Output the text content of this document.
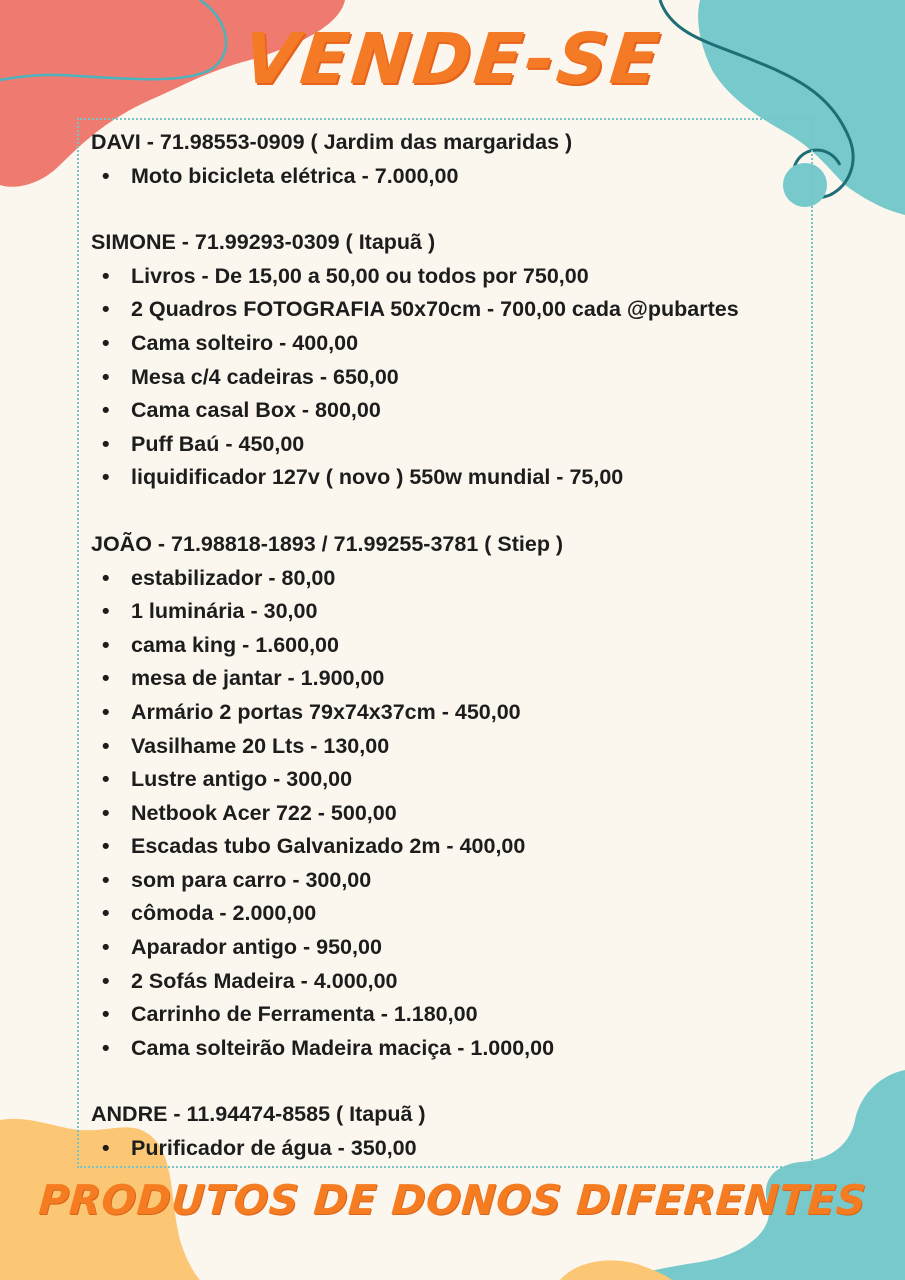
VENDE-SE
DAVI - 71.98553-0909 ( Jardim das margaridas )
• Moto bicicleta elétrica - 7.000,00
SIMONE - 71.99293-0309 ( Itapuã )
• Livros - De 15,00 a 50,00 ou todos por 750,00
• 2 Quadros FOTOGRAFIA 50x70cm - 700,00 cada @pubartes
• Cama solteiro - 400,00
• Mesa c/4 cadeiras - 650,00
• Cama casal Box - 800,00
• Puff Baú - 450,00
• liquidificador 127v ( novo ) 550w mundial - 75,00
JOÃO - 71.98818-1893 / 71.99255-3781 ( Stiep )
• estabilizador - 80,00
• 1 luminária - 30,00
• cama king - 1.600,00
• mesa de jantar - 1.900,00
• Armário 2 portas 79x74x37cm - 450,00
• Vasilhame 20 Lts - 130,00
• Lustre antigo - 300,00
• Netbook Acer 722 - 500,00
• Escadas tubo Galvanizado 2m - 400,00
• som para carro - 300,00
• cômoda - 2.000,00
• Aparador antigo - 950,00
• 2 Sofás Madeira - 4.000,00
• Carrinho de Ferramenta - 1.180,00
• Cama solteirão Madeira maciça - 1.000,00
ANDRE - 11.94474-8585 ( Itapuã )
• Purificador de água - 350,00
PRODUTOS DE DONOS DIFERENTES
